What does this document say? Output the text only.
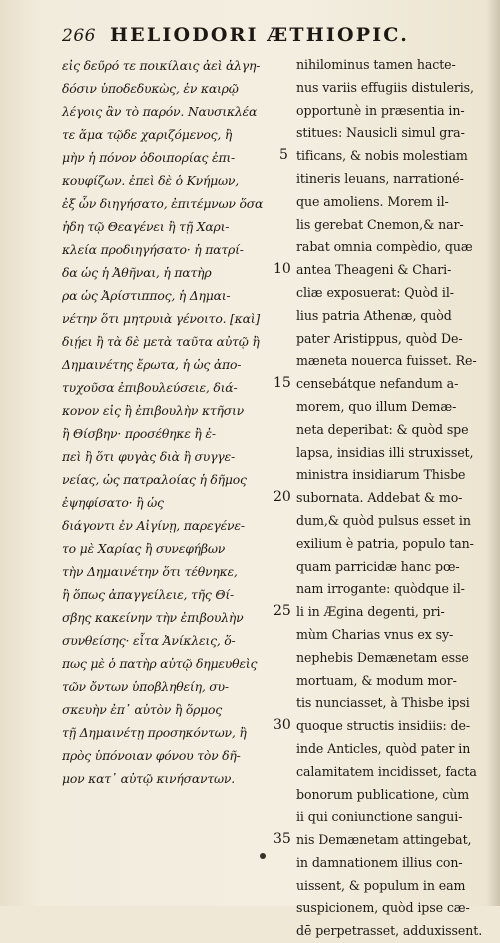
266 HELIODORI ÆTHIOPIC.
εἰς δεῦρό τε ποικίλαις ἀεὶ ἀλγη-
δόσιν ὑποδεδυκὼς, ἐν καιρῷ
λέγοις ἂν τὸ παρόν. Ναυσικλέα
τε ἅμα τῷδε χαριζόμενος, ἢ
μὴν ἡ πόνον ὁδοιπορίας ἐπι-
κουφίζων. ἐπεὶ δὲ ὁ Κνήμων,
ἐξ ὧν διηγήσατο, ἐπιτέμνων ὅσα
ἡδη τῷ Θεαγένει ἢ τῇ Χαρι-
κλεία προδιηγήσατο· ἡ πατρί-
δα ὡς ἡ Ἀθῆναι, ἡ πατὴρ
ρα ὡς Ἀρίστιππος, ἡ Δημαι-
νέτην ὅτι μητρυιὰ γένοιτο. [καὶ]
διῄει ἢ τὰ δὲ μετὰ ταῦτα αὐτῷ ἢ
Δημαινέτης ἔρωτα, ἡ ὡς ἀπο-
τυχοῦσα ἐπιβουλεύσειε, διά-
κονον εἰς ἢ ἐπιβουλὴν κτῆσιν
ἢ Θίσβην· προσέθηκε ἢ ἐ-
πεὶ ἢ ὅτι φυγὰς διὰ ἢ συγγε-
νείας, ὡς πατραλοίας ἡ δῆμος
ἐψηφίσατο· ἢ ὡς
διάγοντι ἐν Αἰγίνῃ, παρεγένε-
το μὲ Χαρίας ἢ συνεφήβων
τὴν Δημαινέτην ὅτι τέθνηκε,
ἢ ὅπως ἀπαγγείλειε, τῆς Θί-
σβης κακείνην τὴν ἐπιβουλὴν
συνθείσης· εἶτα Ἀνίκλεις, ὅ-
πως μὲ ὁ πατὴρ αὐτῷ δημευθεὶς
τῶν ὄντων ὑποβληθείη, συ-
σκευὴν ἐπ᾽ αὐτὸν ἢ ὅρμος
τῇ Δημαινέτῃ προσηκόντων, ἢ
πρὸς ὑπόνοιαν φόνου τὸν δῆ-
μον κατ᾽ αὐτῷ κινήσαντων.
5
10
15
20
25
30
35
nihilominus tamen hacte-
nus variis effugiis distuleris,
opportunè in præsentia in-
stitues: Nausicli simul gra-
tificans, & nobis molestiam
itineris leuans, narrationé-
que amoliens. Morem il-
lis gerebat Cnemon,& nar-
rabat omnia compèdio, quæ
antea Theageni & Chari-
cliæ exposuerat: Quòd il-
lius patria Athenæ, quòd
pater Aristippus, quòd De-
mæneta nouerca fuisset. Re-
censebátque nefandum a-
morem, quo illum Demæ-
neta deperibat: & quòd spe
lapsa, insidias illi struxisset,
ministra insidiarum Thisbe
subornata. Addebat & mo-
dum,& quòd pulsus esset in
exilium è patria, populo tan-
quam parricidæ hanc pœ-
nam irrogante: quòdque il-
li in Ægina degenti, pri-
mùm Charias vnus ex sy-
nephebis Demænetam esse
mortuam, & modum mor-
tis nunciasset, à Thisbe ipsi
quoque structis insidiis: de-
inde Anticles, quòd pater in
calamitatem incidisset, facta
bonorum publicatione, cùm
ii qui coniunctione sangui-
nis Demænetam attingebat,
in damnationem illius con-
uissent, & populum in eam
suspicionem, quòd ipse cæ-
dē perpetrasset, adduxissent.
